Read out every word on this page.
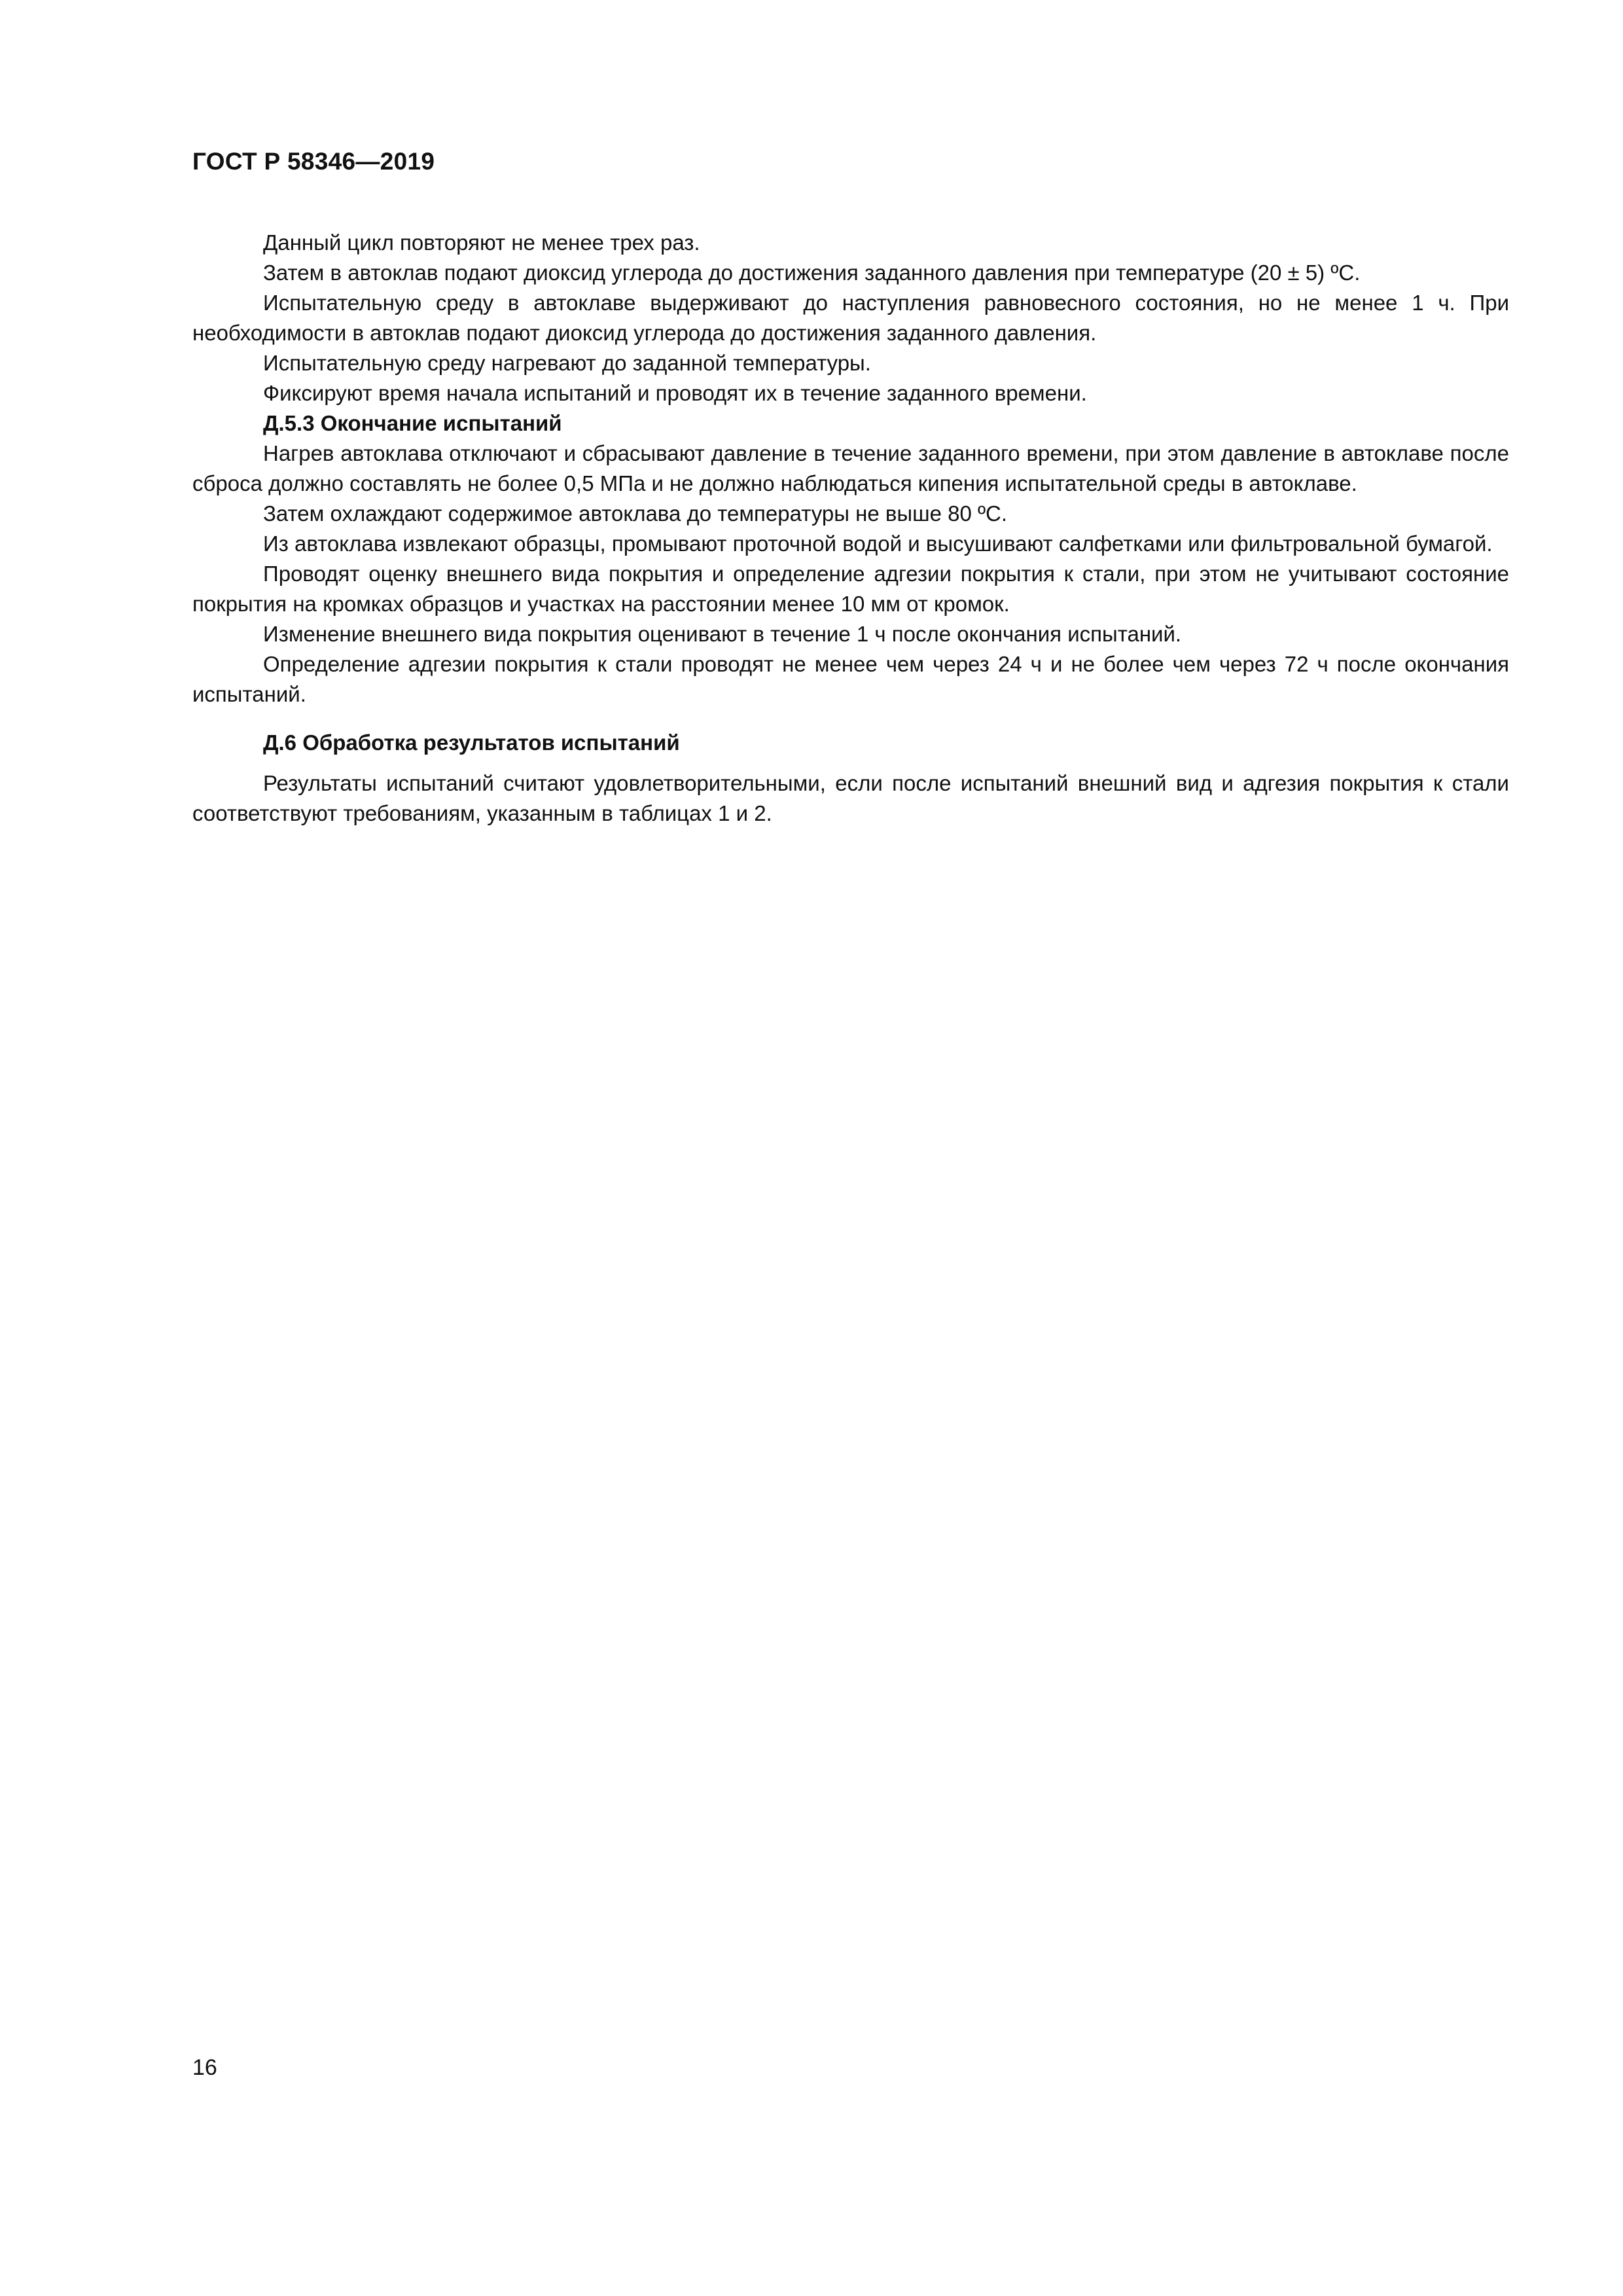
ГОСТ Р 58346—2019

Данный цикл повторяют не менее трех раз.

Затем в автоклав подают диоксид углерода до достижения заданного давления при температуре (20 ± 5) ºС.

Испытательную среду в автоклаве выдерживают до наступления равновесного состояния, но не менее 1 ч. При необходимости в автоклав подают диоксид углерода до достижения заданного давления.

Испытательную среду нагревают до заданной температуры.

Фиксируют время начала испытаний и проводят их в течение заданного времени.

Д.5.3 Окончание испытаний

Нагрев автоклава отключают и сбрасывают давление в течение заданного времени, при этом давление в автоклаве после сброса должно составлять не более 0,5 МПа и не должно наблюдаться кипения испытательной среды в автоклаве.

Затем охлаждают содержимое автоклава до температуры не выше 80 ºС.

Из автоклава извлекают образцы, промывают проточной водой и высушивают салфетками или фильтровальной бумагой.

Проводят оценку внешнего вида покрытия и определение адгезии покрытия к стали, при этом не учитывают состояние покрытия на кромках образцов и участках на расстоянии менее 10 мм от кромок.

Изменение внешнего вида покрытия оценивают в течение 1 ч после окончания испытаний.

Определение адгезии покрытия к стали проводят не менее чем через 24 ч и не более чем через 72 ч после окончания испытаний.

Д.6 Обработка результатов испытаний

Результаты испытаний считают удовлетворительными, если после испытаний внешний вид и адгезия покрытия к стали соответствуют требованиям, указанным в таблицах 1 и 2.

16
